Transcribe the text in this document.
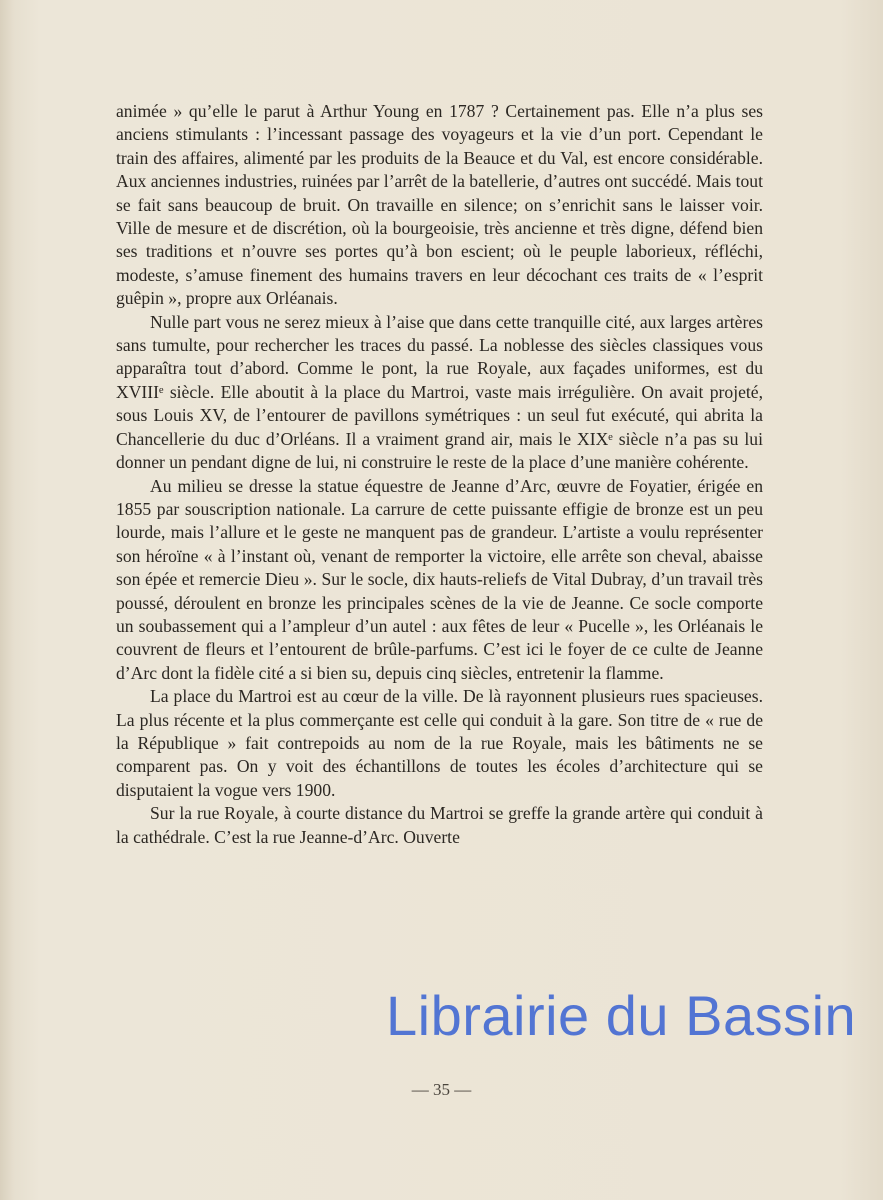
animée » qu’elle le parut à Arthur Young en 1787 ? Certainement pas. Elle n’a plus ses anciens stimulants : l’incessant passage des voyageurs et la vie d’un port. Cependant le train des affaires, alimenté par les produits de la Beauce et du Val, est encore considérable. Aux anciennes industries, ruinées par l’arrêt de la batellerie, d’autres ont succédé. Mais tout se fait sans beaucoup de bruit. On travaille en silence; on s’enrichit sans le laisser voir. Ville de mesure et de discrétion, où la bourgeoisie, très ancienne et très digne, défend bien ses traditions et n’ouvre ses portes qu’à bon escient; où le peuple laborieux, réfléchi, modeste, s’amuse finement des humains travers en leur décochant ces traits de « l’esprit guêpin », propre aux Orléanais.

Nulle part vous ne serez mieux à l’aise que dans cette tranquille cité, aux larges artères sans tumulte, pour rechercher les traces du passé. La noblesse des siècles classiques vous apparaîtra tout d’abord. Comme le pont, la rue Royale, aux façades uniformes, est du XVIIIᵉ siècle. Elle aboutit à la place du Martroi, vaste mais irrégulière. On avait projeté, sous Louis XV, de l’entourer de pavillons symétriques : un seul fut exécuté, qui abrita la Chancellerie du duc d’Orléans. Il a vraiment grand air, mais le XIXᵉ siècle n’a pas su lui donner un pendant digne de lui, ni construire le reste de la place d’une manière cohérente.

Au milieu se dresse la statue équestre de Jeanne d’Arc, œuvre de Foyatier, érigée en 1855 par souscription nationale. La carrure de cette puissante effigie de bronze est un peu lourde, mais l’allure et le geste ne manquent pas de grandeur. L’artiste a voulu représenter son héroïne « à l’instant où, venant de remporter la victoire, elle arrête son cheval, abaisse son épée et remercie Dieu ». Sur le socle, dix hauts-reliefs de Vital Dubray, d’un travail très poussé, déroulent en bronze les principales scènes de la vie de Jeanne. Ce socle comporte un soubassement qui a l’ampleur d’un autel : aux fêtes de leur « Pucelle », les Orléanais le couvrent de fleurs et l’entourent de brûle-parfums. C’est ici le foyer de ce culte de Jeanne d’Arc dont la fidèle cité a si bien su, depuis cinq siècles, entretenir la flamme.

La place du Martroi est au cœur de la ville. De là rayonnent plusieurs rues spacieuses. La plus récente et la plus commerçante est celle qui conduit à la gare. Son titre de « rue de la République » fait contrepoids au nom de la rue Royale, mais les bâtiments ne se comparent pas. On y voit des échantillons de toutes les écoles d’architecture qui se disputaient la vogue vers 1900.

Sur la rue Royale, à courte distance du Martroi se greffe la grande artère qui conduit à la cathédrale. C’est la rue Jeanne-d’Arc. Ouverte

— 35 —
Librairie du Bassin
